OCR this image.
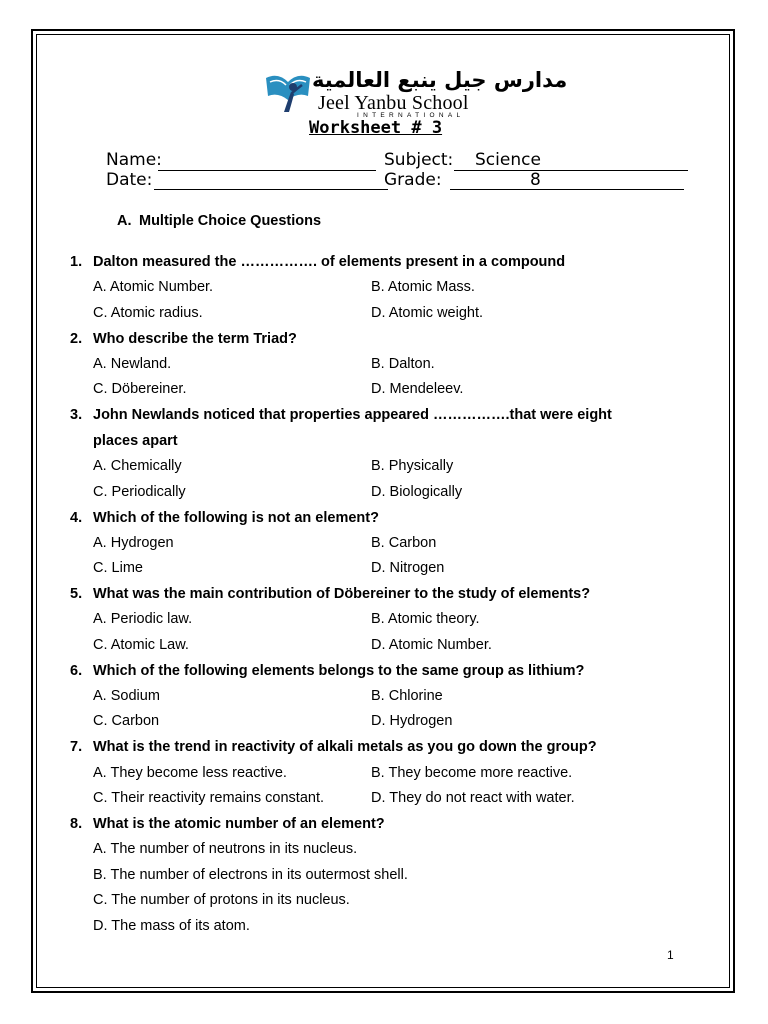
مدارس جيل ينبع العالمية
Jeel Yanbu School
INTERNATIONAL
Worksheet # 3
Name:	Subject: Science
Date:	Grade:	8
A. Multiple Choice Questions
1. Dalton measured the ……………. of elements present in a compound
A. Atomic Number.	B. Atomic Mass.
C. Atomic radius.	D. Atomic weight.
2. Who describe the term Triad?
A. Newland.	B. Dalton.
C. Döbereiner.	D. Mendeleev.
3. John Newlands noticed that properties appeared …………….that were eight
places apart
A. Chemically	B. Physically
C. Periodically	D. Biologically
4. Which of the following is not an element?
A. Hydrogen	B. Carbon
C. Lime	D. Nitrogen
5. What was the main contribution of Döbereiner to the study of elements?
A. Periodic law.	B. Atomic theory.
C. Atomic Law.	D. Atomic Number.
6. Which of the following elements belongs to the same group as lithium?
A. Sodium	B. Chlorine
C. Carbon	D. Hydrogen
7. What is the trend in reactivity of alkali metals as you go down the group?
A. They become less reactive.	B. They become more reactive.
C. Their reactivity remains constant.	D. They do not react with water.
8. What is the atomic number of an element?
A. The number of neutrons in its nucleus.
B. The number of electrons in its outermost shell.
C. The number of protons in its nucleus.
D. The mass of its atom.
1
